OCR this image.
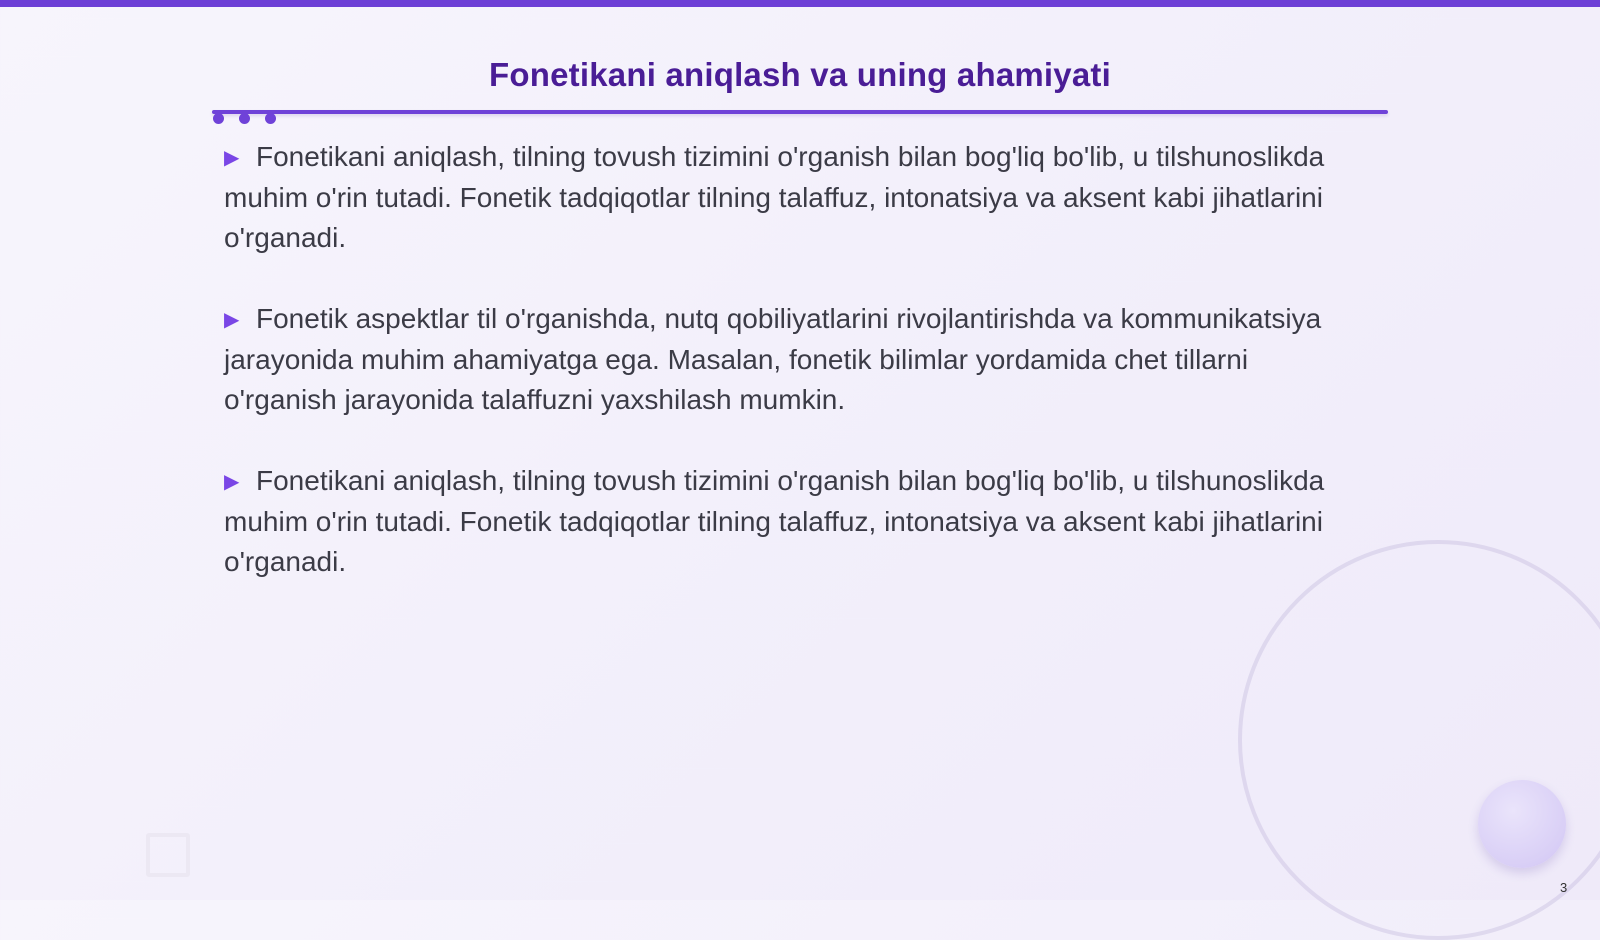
Fonetikani aniqlash va uning ahamiyati

▶ Fonetikani aniqlash, tilning tovush tizimini o'rganish bilan bog'liq bo'lib, u tilshunoslikda muhim o'rin tutadi. Fonetik tadqiqotlar tilning talaffuz, intonatsiya va aksent kabi jihatlarini o'rganadi.

▶ Fonetik aspektlar til o'rganishda, nutq qobiliyatlarini rivojlantirishda va kommunikatsiya jarayonida muhim ahamiyatga ega. Masalan, fonetik bilimlar yordamida chet tillarni o'rganish jarayonida talaffuzni yaxshilash mumkin.

▶ Fonetikani aniqlash, tilning tovush tizimini o'rganish bilan bog'liq bo'lib, u tilshunoslikda muhim o'rin tutadi. Fonetik tadqiqotlar tilning talaffuz, intonatsiya va aksent kabi jihatlarini o'rganadi.

3
